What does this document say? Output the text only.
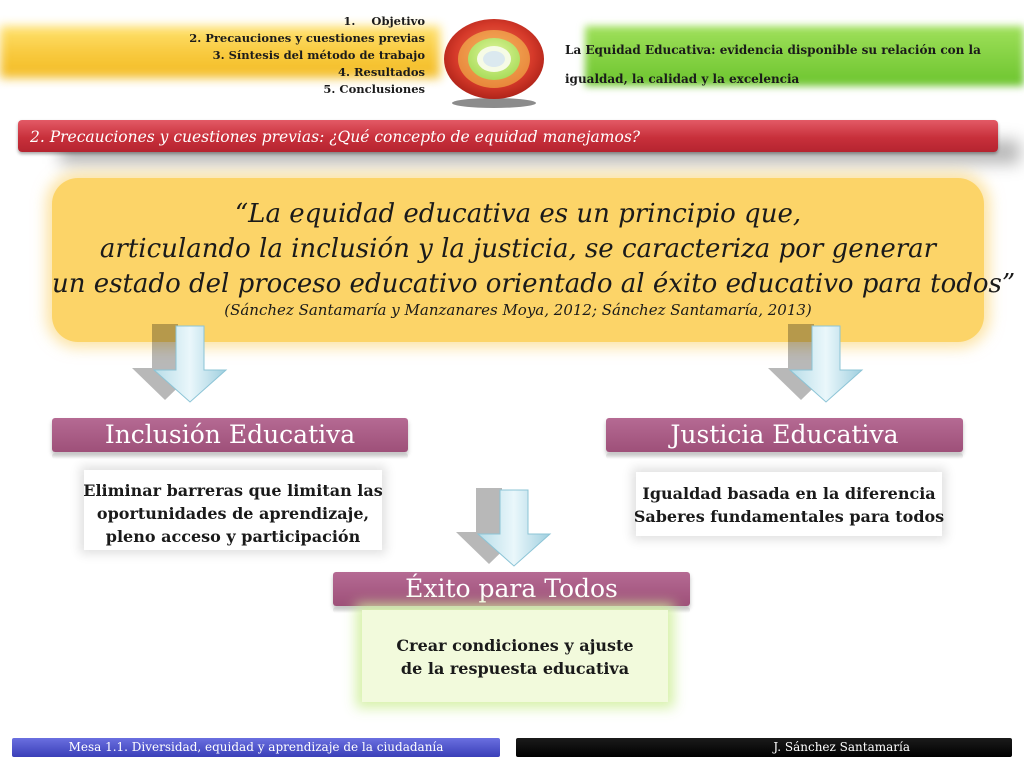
1.    Objetivo
2. Precauciones y cuestiones previas
3. Síntesis del método de trabajo
4. Resultados
5. Conclusiones
La Equidad Educativa: evidencia disponible su relación con la
igualdad, la calidad y la excelencia
2. Precauciones y cuestiones previas: ¿Qué concepto de equidad manejamos?
“La equidad educativa es un principio que,
articulando la inclusión y la justicia, se caracteriza por generar
un estado del proceso educativo orientado al éxito educativo para todos”
(Sánchez Santamaría y Manzanares Moya, 2012; Sánchez Santamaría, 2013)
Inclusión Educativa
Eliminar barreras que limitan las
oportunidades de aprendizaje,
pleno acceso y participación
Justicia Educativa
Igualdad basada en la diferencia
Saberes fundamentales para todos
Éxito para Todos
Crear condiciones y ajuste
de la respuesta educativa
Mesa 1.1. Diversidad, equidad y aprendizaje de la ciudadanía	J. Sánchez Santamaría
